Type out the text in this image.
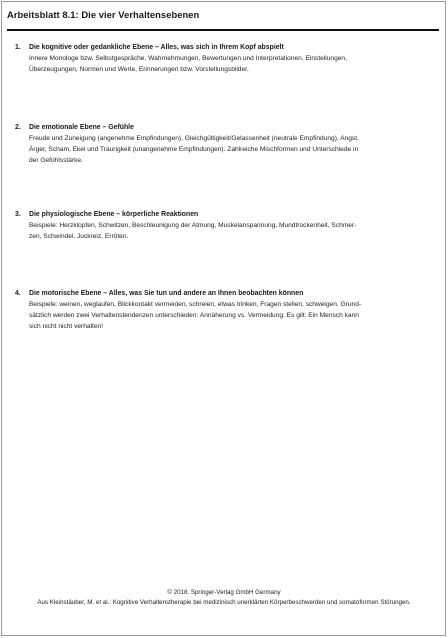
Arbeitsblatt 8.1: Die vier Verhaltensebenen
1. Die kognitive oder gedankliche Ebene – Alles, was sich in Ihrem Kopf abspielt
Innere Monologe bzw. Selbstgespräche, Wahrnehmungen, Bewertungen und Interpretationen, Einstellungen,
Überzeugungen, Normen und Werte, Erinnerungen bzw. Vorstellungsbilder.
2. Die emotionale Ebene – Gefühle
Freude und Zuneigung (angenehme Empfindungen), Gleichgültigkeit/Gelassenheit (neutrale Empfindung), Angst,
Ärger, Scham, Ekel und Traurigkeit (unangenehme Empfindungen). Zahlreiche Mischformen und Unterschiede in
der Gefühlsstärke.
3. Die physiologische Ebene – körperliche Reaktionen
Beispiele: Herzklopfen, Schwitzen, Beschleunigung der Atmung, Muskelanspannung, Mundtrockenheit, Schmer-
zen, Schwindel, Juckreiz, Erröten.
4. Die motorische Ebene – Alles, was Sie tun und andere an Ihnen beobachten können
Beispiele: weinen, weglaufen, Blickkontakt vermeiden, schreien, etwas trinken, Fragen stellen, schweigen. Grund-
sätzlich werden zwei Verhaltenstendenzen unterschieden: Annäherung vs. Vermeidung. Es gilt: Ein Mensch kann
sich nicht nicht verhalten!
© 2018, Springer-Verlag GmbH Germany
Aus Kleinstäuber, M. et al.: Kognitive Verhaltenstherapie bei medizinisch unerklärten Körperbeschwerden und somatoformen Störungen.
